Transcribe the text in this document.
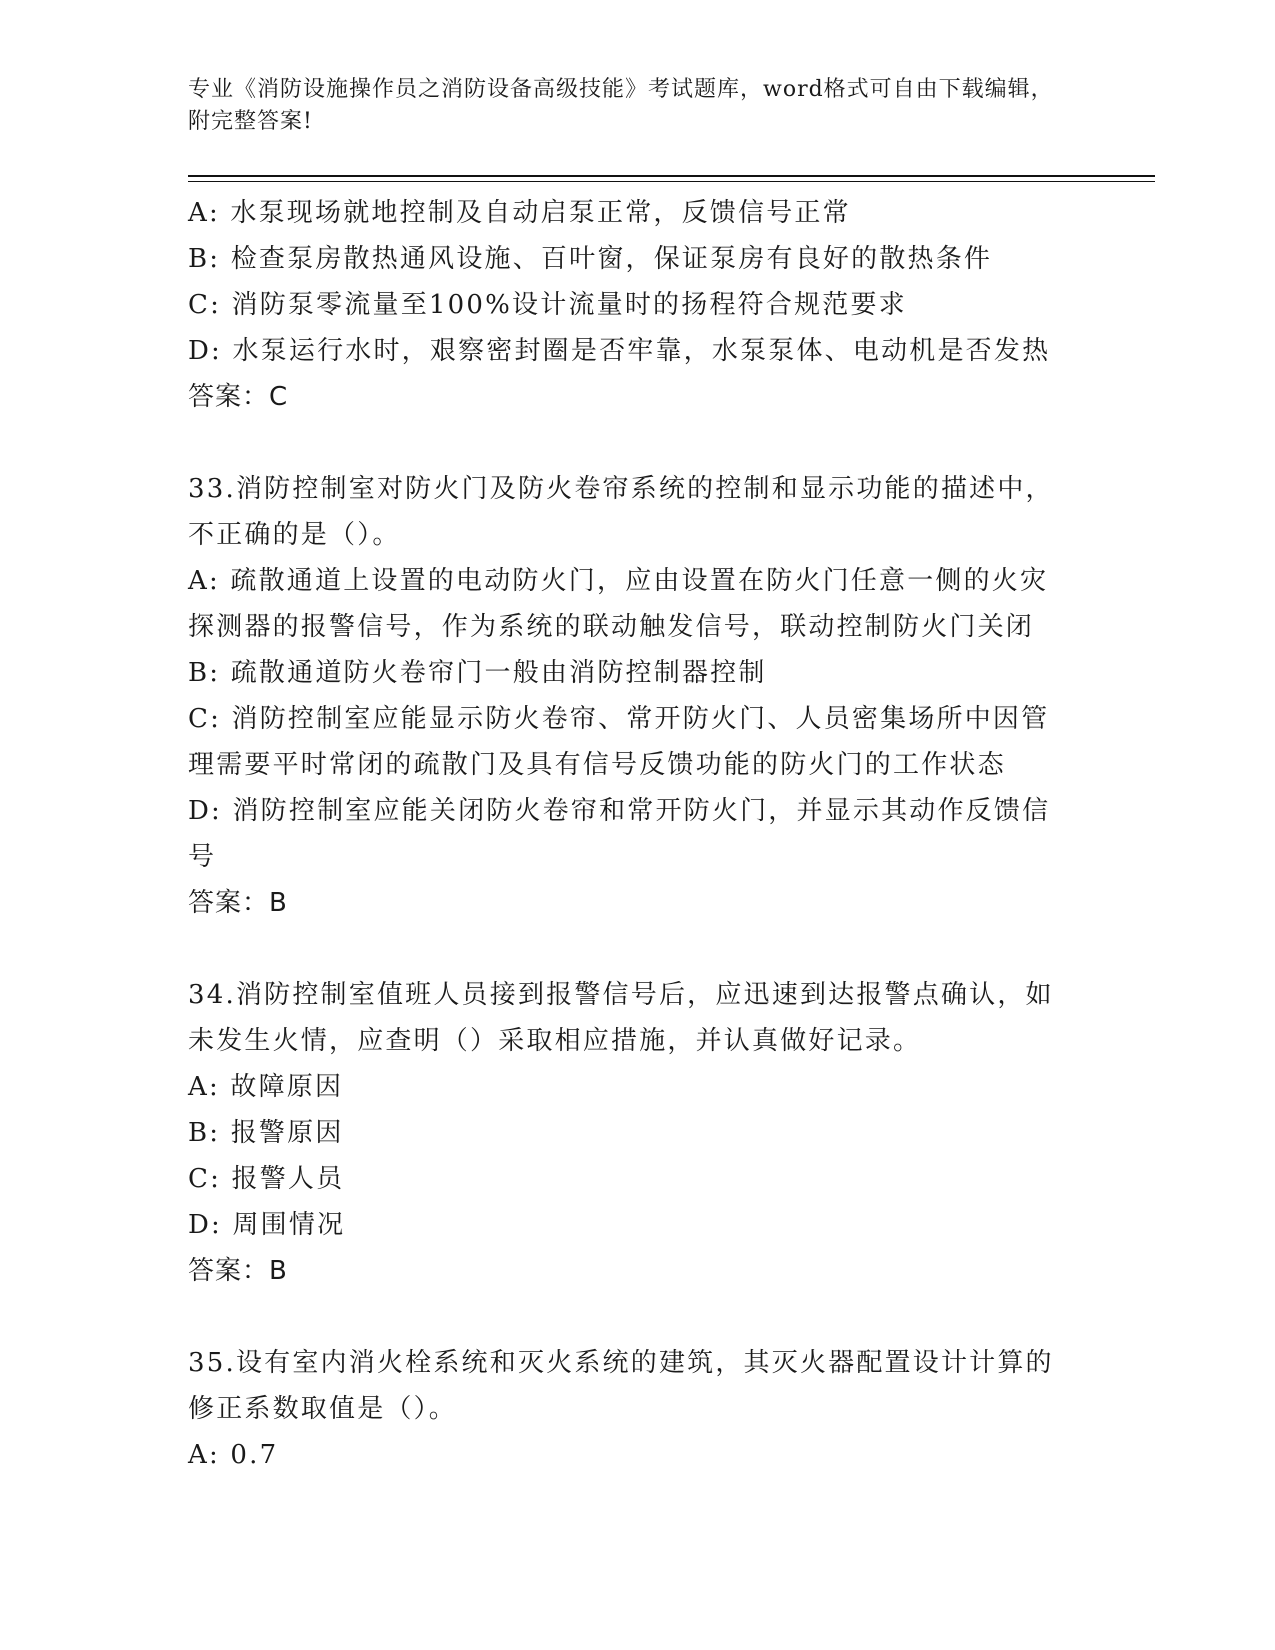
专业《消防设施操作员之消防设备高级技能》考试题库，word格式可自由下载编辑，附完整答案!
A: 水泵现场就地控制及自动启泵正常，反馈信号正常
B: 检查泵房散热通风设施、百叶窗，保证泵房有良好的散热条件
C: 消防泵零流量至100%设计流量时的扬程符合规范要求
D: 水泵运行水时，艰察密封圈是否牢靠，水泵泵体、电动机是否发热
答案：C
33.消防控制室对防火门及防火卷帘系统的控制和显示功能的描述中，
不正确的是（）。
A: 疏散通道上设置的电动防火门，应由设置在防火门任意一侧的火灾
探测器的报警信号，作为系统的联动触发信号，联动控制防火门关闭
B: 疏散通道防火卷帘门一般由消防控制器控制
C: 消防控制室应能显示防火卷帘、常开防火门、人员密集场所中因管
理需要平时常闭的疏散门及具有信号反馈功能的防火门的工作状态
D: 消防控制室应能关闭防火卷帘和常开防火门，并显示其动作反馈信
号
答案：B
34.消防控制室值班人员接到报警信号后，应迅速到达报警点确认，如
未发生火情，应查明（）采取相应措施，并认真做好记录。
A: 故障原因
B: 报警原因
C: 报警人员
D: 周围情况
答案：B
35.设有室内消火栓系统和灭火系统的建筑，其灭火器配置设计计算的
修正系数取值是（）。
A: 0.7
